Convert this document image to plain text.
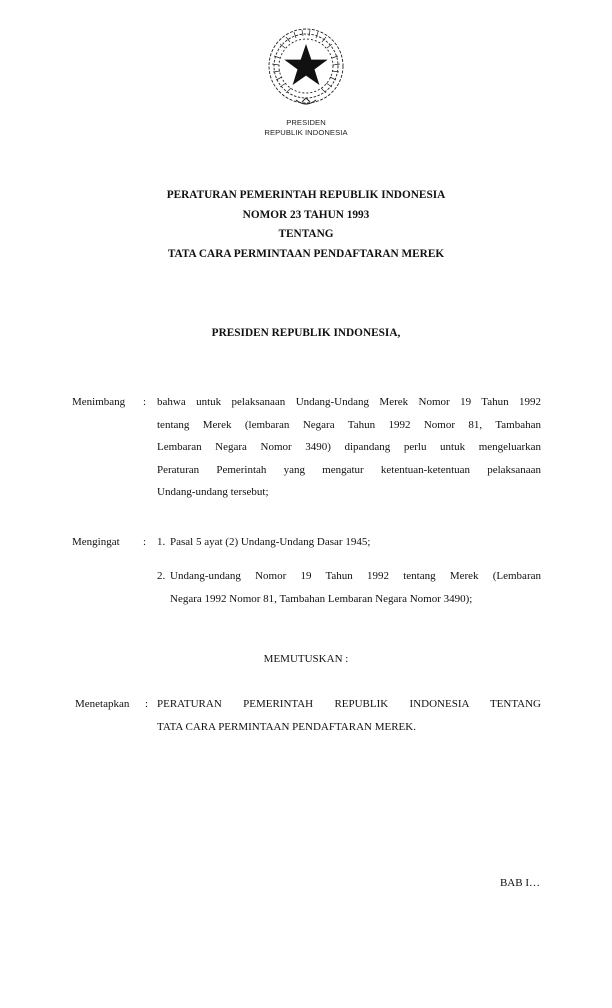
PRESIDEN
REPUBLIK INDONESIA
PERATURAN PEMERINTAH REPUBLIK INDONESIA
NOMOR 23 TAHUN 1993
TENTANG
TATA CARA PERMINTAAN PENDAFTARAN MEREK
PRESIDEN REPUBLIK INDONESIA,
Menimbang : bahwa untuk pelaksanaan Undang-Undang Merek Nomor 19 Tahun 1992
tentang Merek (lembaran Negara Tahun 1992 Nomor 81, Tambahan
Lembaran Negara Nomor 3490) dipandang perlu untuk mengeluarkan
Peraturan Pemerintah yang mengatur ketentuan-ketentuan pelaksanaan
Undang-undang tersebut;
Mengingat : 1. Pasal 5 ayat (2) Undang-Undang Dasar 1945;
2. Undang-undang Nomor 19 Tahun 1992 tentang Merek (Lembaran
Negara 1992 Nomor 81, Tambahan Lembaran Negara Nomor 3490);
MEMUTUSKAN :
Menetapkan : PERATURAN PEMERINTAH REPUBLIK INDONESIA TENTANG
TATA CARA PERMINTAAN PENDAFTARAN MEREK.
BAB I…
